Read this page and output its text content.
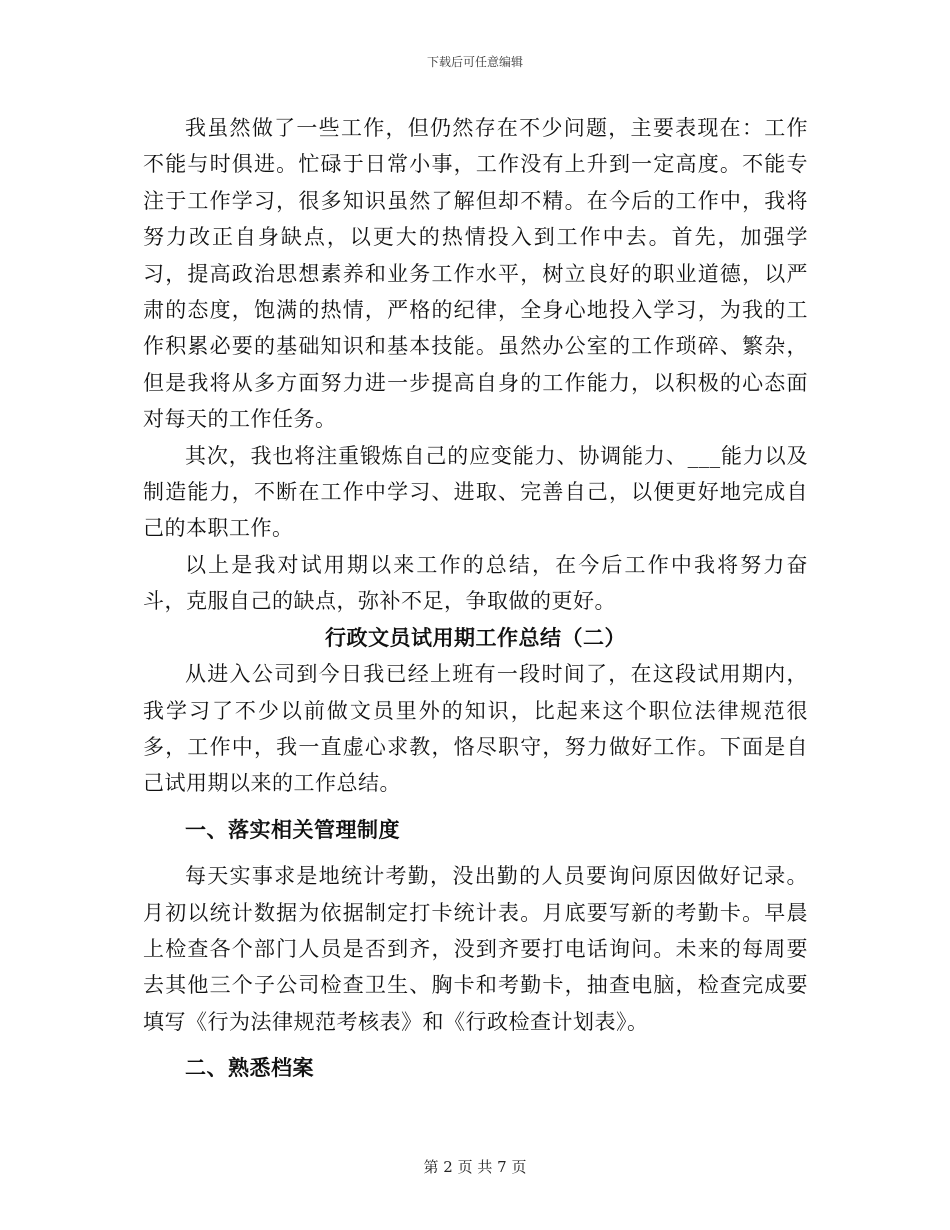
下载后可任意编辑

我虽然做了一些工作，但仍然存在不少问题，主要表现在：工作不能与时俱进。忙碌于日常小事，工作没有上升到一定高度。不能专注于工作学习，很多知识虽然了解但却不精。在今后的工作中，我将努力改正自身缺点，以更大的热情投入到工作中去。首先，加强学习，提高政治思想素养和业务工作水平，树立良好的职业道德，以严肃的态度，饱满的热情，严格的纪律，全身心地投入学习，为我的工作积累必要的基础知识和基本技能。虽然办公室的工作琐碎、繁杂，但是我将从多方面努力进一步提高自身的工作能力，以积极的心态面对每天的工作任务。

其次，我也将注重锻炼自己的应变能力、协调能力、___能力以及制造能力，不断在工作中学习、进取、完善自己，以便更好地完成自己的本职工作。

以上是我对试用期以来工作的总结，在今后工作中我将努力奋斗，克服自己的缺点，弥补不足，争取做的更好。

行政文员试用期工作总结（二）

从进入公司到今日我已经上班有一段时间了，在这段试用期内，我学习了不少以前做文员里外的知识，比起来这个职位法律规范很多，工作中，我一直虚心求教，恪尽职守，努力做好工作。下面是自己试用期以来的工作总结。

一、落实相关管理制度

每天实事求是地统计考勤，没出勤的人员要询问原因做好记录。月初以统计数据为依据制定打卡统计表。月底要写新的考勤卡。早晨上检查各个部门人员是否到齐，没到齐要打电话询问。未来的每周要去其他三个子公司检查卫生、胸卡和考勤卡，抽查电脑，检查完成要填写《行为法律规范考核表》和《行政检查计划表》。

二、熟悉档案

第 2 页 共 7 页
